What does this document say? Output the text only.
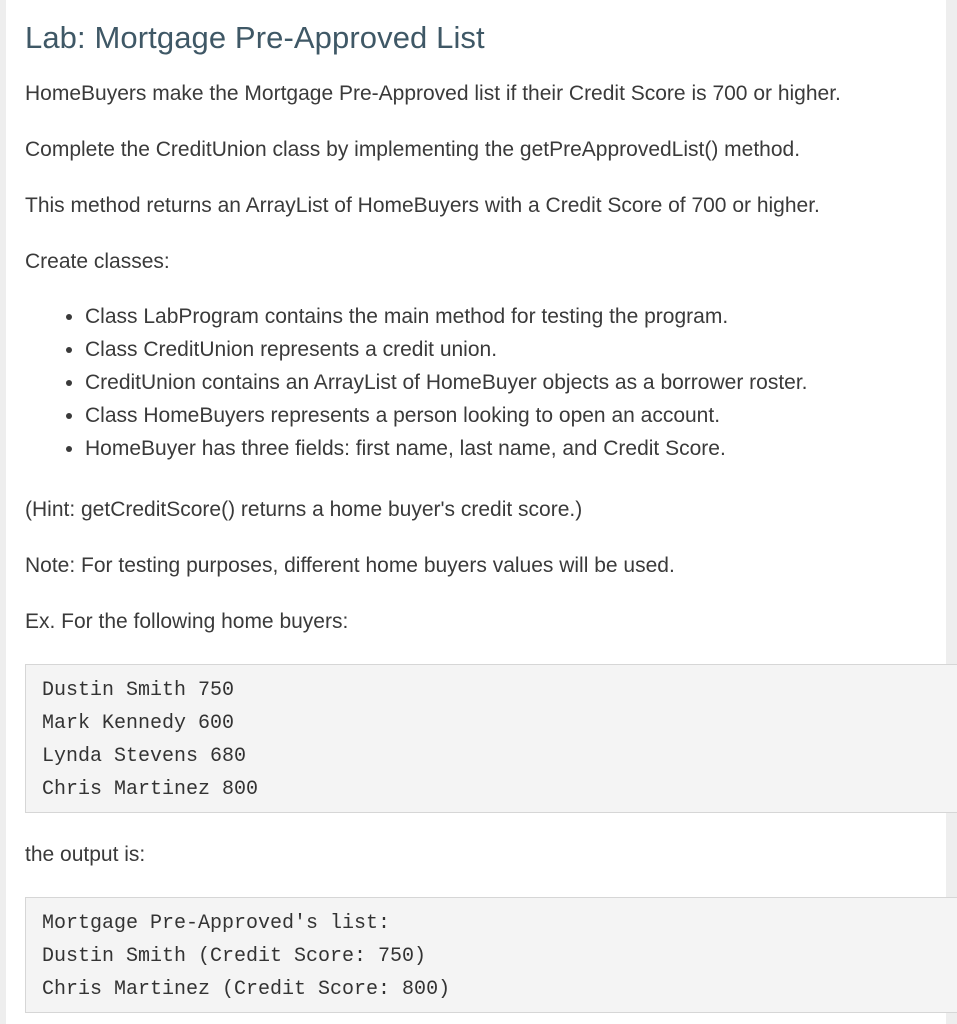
Lab: Mortgage Pre-Approved List

HomeBuyers make the Mortgage Pre-Approved list if their Credit Score is 700 or higher.

Complete the CreditUnion class by implementing the getPreApprovedList() method.

This method returns an ArrayList of HomeBuyers with a Credit Score of 700 or higher.

Create classes:

• Class LabProgram contains the main method for testing the program.
• Class CreditUnion represents a credit union.
• CreditUnion contains an ArrayList of HomeBuyer objects as a borrower roster.
• Class HomeBuyers represents a person looking to open an account.
• HomeBuyer has three fields: first name, last name, and Credit Score.

(Hint: getCreditScore() returns a home buyer's credit score.)

Note: For testing purposes, different home buyers values will be used.

Ex. For the following home buyers:

Dustin Smith 750
Mark Kennedy 600
Lynda Stevens 680
Chris Martinez 800

the output is:

Mortgage Pre-Approved's list:
Dustin Smith (Credit Score: 750)
Chris Martinez (Credit Score: 800)
